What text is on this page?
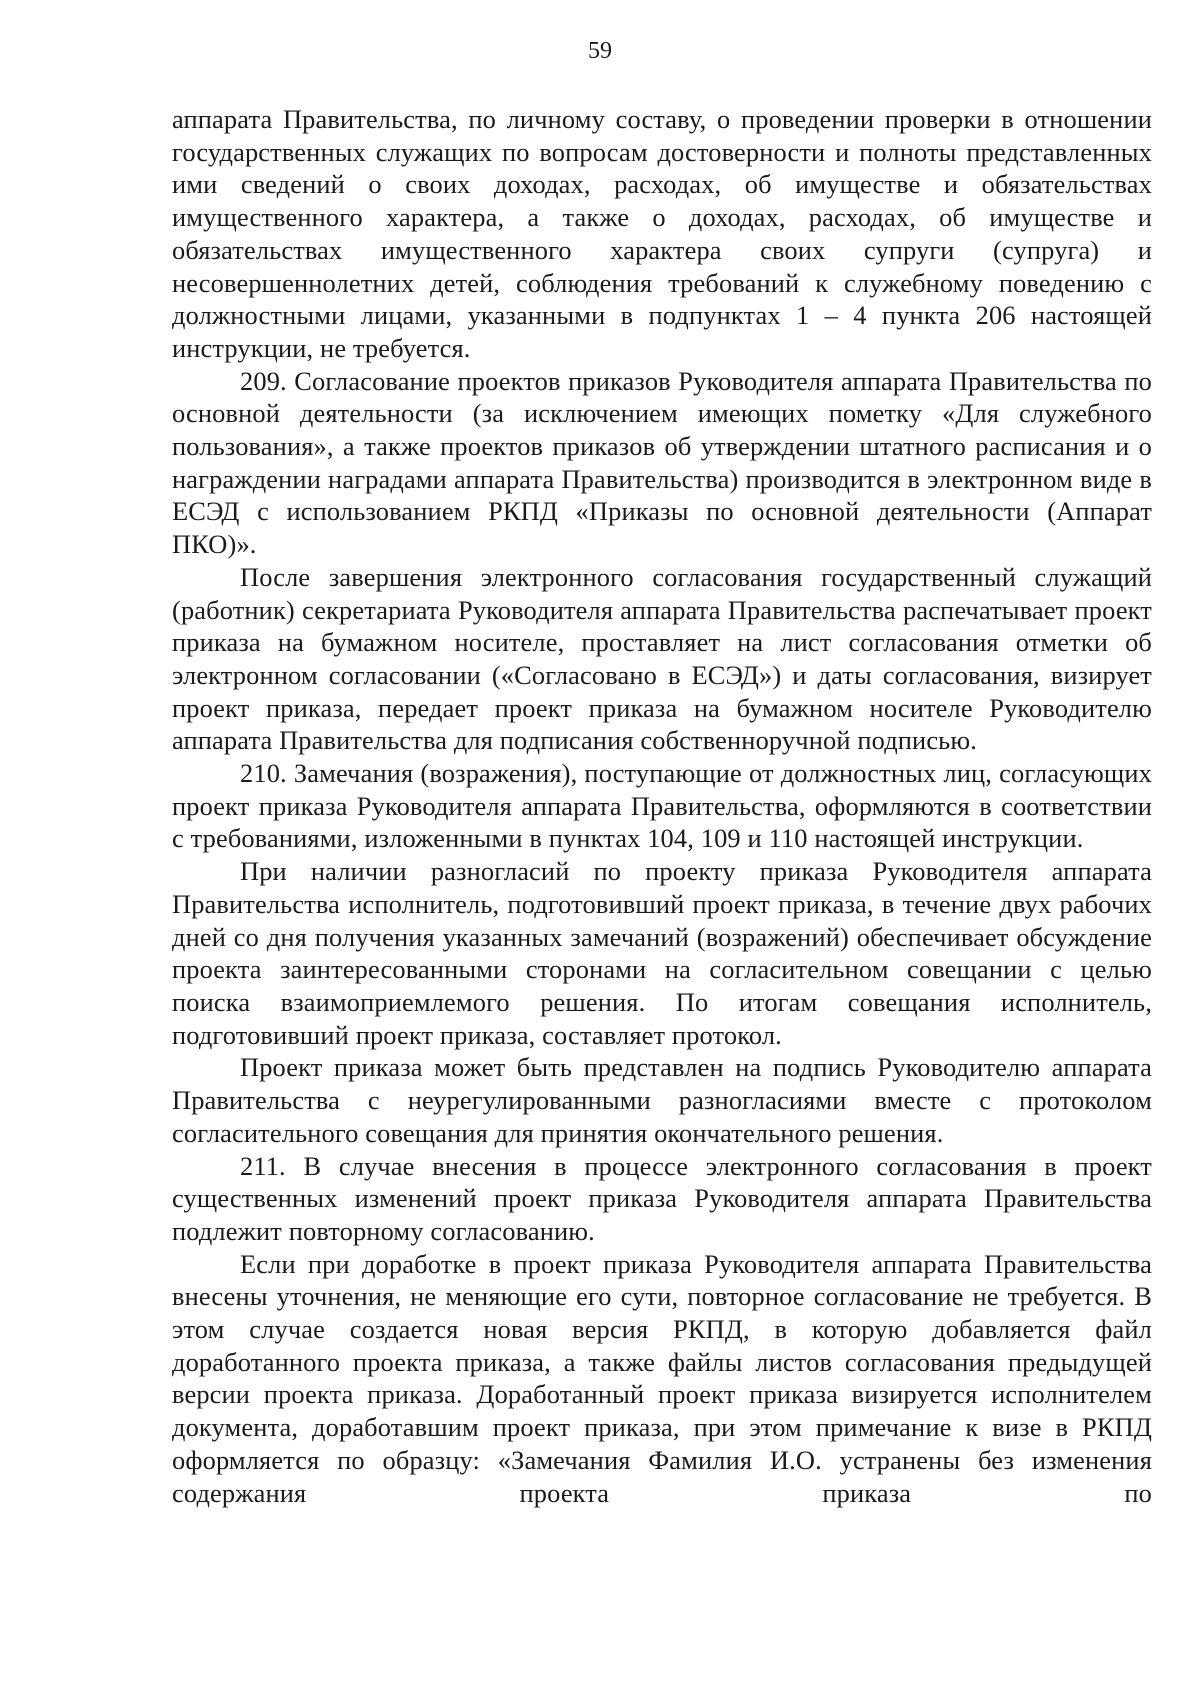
59

аппарата Правительства, по личному составу, о проведении проверки в отношении государственных служащих по вопросам достоверности и полноты представленных ими сведений о своих доходах, расходах, об имуществе и обязательствах имущественного характера, а также о доходах, расходах, об имуществе и обязательствах имущественного характера своих супруги (супруга) и несовершеннолетних детей, соблюдения требований к служебному поведению с должностными лицами, указанными в подпунктах 1 – 4 пункта 206 настоящей инструкции, не требуется.

209. Согласование проектов приказов Руководителя аппарата Правительства по основной деятельности (за исключением имеющих пометку «Для служебного пользования», а также проектов приказов об утверждении штатного расписания и о награждении наградами аппарата Правительства) производится в электронном виде в ЕСЭД с использованием РКПД «Приказы по основной деятельности (Аппарат ПКО)».

После завершения электронного согласования государственный служащий (работник) секретариата Руководителя аппарата Правительства распечатывает проект приказа на бумажном носителе, проставляет на лист согласования отметки об электронном согласовании («Согласовано в ЕСЭД») и даты согласования, визирует проект приказа, передает проект приказа на бумажном носителе Руководителю аппарата Правительства для подписания собственноручной подписью.

210. Замечания (возражения), поступающие от должностных лиц, согласующих проект приказа Руководителя аппарата Правительства, оформляются в соответствии с требованиями, изложенными в пунктах 104, 109 и 110 настоящей инструкции.

При наличии разногласий по проекту приказа Руководителя аппарата Правительства исполнитель, подготовивший проект приказа, в течение двух рабочих дней со дня получения указанных замечаний (возражений) обеспечивает обсуждение проекта заинтересованными сторонами на согласительном совещании с целью поиска взаимоприемлемого решения. По итогам совещания исполнитель, подготовивший проект приказа, составляет протокол.

Проект приказа может быть представлен на подпись Руководителю аппарата Правительства с неурегулированными разногласиями вместе с протоколом согласительного совещания для принятия окончательного решения.

211. В случае внесения в процессе электронного согласования в проект существенных изменений проект приказа Руководителя аппарата Правительства подлежит повторному согласованию.

Если при доработке в проект приказа Руководителя аппарата Правительства внесены уточнения, не меняющие его сути, повторное согласование не требуется. В этом случае создается новая версия РКПД, в которую добавляется файл доработанного проекта приказа, а также файлы листов согласования предыдущей версии проекта приказа. Доработанный проект приказа визируется исполнителем документа, доработавшим проект приказа, при этом примечание к визе в РКПД оформляется по образцу: «Замечания Фамилия И.О. устранены без изменения содержания проекта приказа по
